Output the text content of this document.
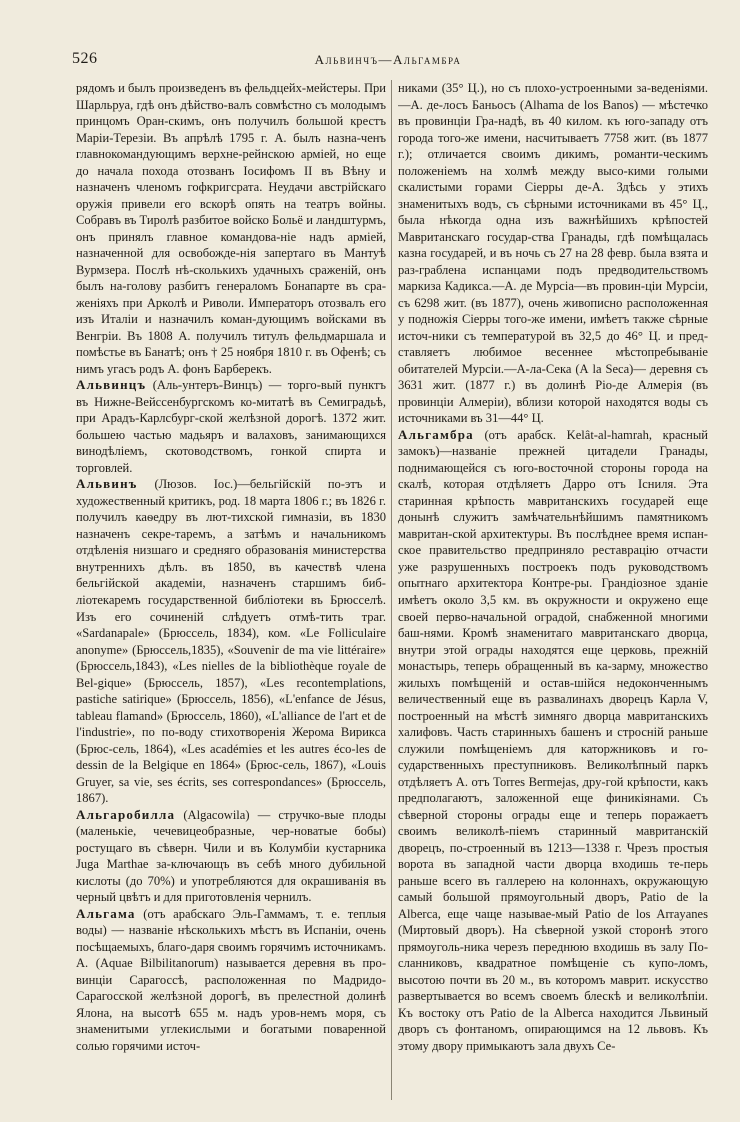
526	Альвинчъ—Альгамбра

рядомъ и былъ произведенъ въ фельдцейх-мейстеры. При Шарльруа, гдѣ онъ дѣйство-валъ совмѣстно съ молодымъ принцомъ Оран-скимъ, онъ получилъ большой крестъ Маріи-Терезіи. Въ апрѣлѣ 1795 г. А. былъ назна-ченъ главнокомандующимъ верхне-рейнскою арміей, но еще до начала похода отозванъ Іосифомъ II въ Вѣну и назначенъ членомъ гофкригсрата. Неудачи австрійскаго оружія привели его вскорѣ опять на театръ войны. Собравъ въ Тиролѣ разбитое войско Больё и ландштурмъ, онъ принялъ главное командова-ніе надъ арміей, назначенной для освобожде-нія запертаго въ Мантуѣ Вурмзера. Послѣ нѣ-сколькихъ удачныхъ сраженій, онъ былъ на-голову разбитъ генераломъ Бонапарте въ сра-женіяхъ при Арколѣ и Риволи. Императоръ отозвалъ его изъ Италіи и назначилъ коман-дующимъ войсками въ Венгріи. Въ 1808 А. получилъ титулъ фельдмаршала и помѣстье въ Банатѣ; онъ † 25 ноября 1810 г. въ Офенѣ; съ нимъ угасъ родъ А. фонъ Барберекъ.

Альвинцъ (Аль-унтеръ-Винцъ) — торго-вый пунктъ въ Нижне-Вейссенбургскомъ ко-митатѣ въ Семиградьѣ, при Арадъ-Карлсбург-ской желѣзной дорогѣ. 1372 жит. большею частью мадьяръ и валаховъ, занимающихся винодѣліемъ, скотоводствомъ, гонкой спирта и торговлей.

Альвинъ (Люзов. Іос.)—бельгійскій по-этъ и художественный критикъ, род. 18 марта 1806 г.; въ 1826 г. получилъ каѳедру въ лют-тихской гимназіи, въ 1830 назначенъ секре-таремъ, а затѣмъ и начальникомъ отдѣленія низшаго и средняго образованія министерства внутреннихъ дѣлъ. въ 1850, въ качествѣ члена бельгійской академіи, назначенъ старшимъ биб-ліотекаремъ государственной библіотеки въ Брюсселѣ. Изъ его сочиненій слѣдуетъ отмѣ-тить траг. «Sardanapale» (Брюссель, 1834), ком. «Le Folliculaire anonyme» (Брюссель,1835), «Souvenir de ma vie littéraire» (Брюссель,1843), «Les nielles de la bibliothèque royale de Bel-gique» (Брюссель, 1857), «Les recontemplations, pastiche satirique» (Брюссель, 1856), «L'enfance de Jésus, tableau flamand» (Брюссель, 1860), «L'alliance de l'art et de l'industrie», по по-воду стихотворенія Жерома Вирикса (Брюс-сель, 1864), «Les académies et les autres éco-les de dessin de la Belgique en 1864» (Брюс-сель, 1867), «Louis Gruyer, sa vie, ses écrits, ses correspondances» (Брюссель, 1867).

Альгаробилла (Algacowila) — стручко-вые плоды (маленькіе, чечевицеобразные, чер-новатые бобы) ростущаго въ сѣверн. Чили и въ Колумбіи кустарника Juga Marthae за-ключающъ въ себѣ много дубильной кислоты (до 70%) и употребляются для окрашиванія въ черный цвѣтъ и для приготовленія чернилъ.

Альгама (отъ арабскаго Эль-Гаммамъ, т. е. теплыя воды) — названіе нѣсколькихъ мѣстъ въ Испаніи, очень посѣщаемыхъ, благо-даря своимъ горячимъ источникамъ. А. (Aquae Bilbilitanorum) называется деревня въ про-винціи Сарагоссѣ, расположенная по Мадридо-Сарагосской желѣзной дорогѣ, въ прелестной долинѣ Ялона, на высотѣ 655 м. надъ уров-немъ моря, съ знаменитыми углекислыми и богатыми поваренной солью горячими источ-

никами (35° Ц.), но съ плохо-устроенными за-веденіями.—А. де-лосъ Баньосъ (Alhama de los Banos) — мѣстечко въ провинціи Гра-надѣ, въ 40 килом. къ юго-западу отъ города того-же имени, насчитываетъ 7758 жит. (въ 1877 г.); отличается своимъ дикимъ, романти-ческимъ положеніемъ на холмѣ между высо-кими голыми скалистыми горами Сіерры де-А. Здѣсь у этихъ знаменитыхъ водъ, съ сѣрными источниками въ 45° Ц., была нѣкогда одна изъ важнѣйшихъ крѣпостей Мавританскаго государ-ства Гранады, гдѣ помѣщалась казна государей, и въ ночь съ 27 на 28 февр. была взята и раз-граблена испанцами подъ предводительствомъ маркиза Кадикса.—А. де Мурсіа—въ провин-ціи Мурсіи, съ 6298 жит. (въ 1877), очень живописно расположенная у подножія Сіерры того-же имени, имѣетъ также сѣрные источ-ники съ температурой въ 32,5 до 46° Ц. и пред-ставляетъ любимое весеннее мѣстопребываніе обитателей Мурсіи.—А-ла-Сека (А la Seca)— деревня съ 3631 жит. (1877 г.) въ долинѣ Ріо-де Алмерія (въ провинціи Алмеріи), вблизи которой находятся воды съ источниками въ 31—44° Ц.

Альгамбра (отъ арабск. Kelât-al-hamrah, красный замокъ)—названіе прежней цитадели Гранады, поднимающейся съ юго-восточной стороны города на скалѣ, которая отдѣляетъ Дарро отъ Існиля. Эта старинная крѣпость мавританскихъ государей еще донынѣ служитъ замѣчательнѣйшимъ памятникомъ мавритан-ской архитектуры. Въ послѣднее время испан-ское правительство предприняло реставрацію отчасти уже разрушенныхъ построекъ подъ руководствомъ опытнаго архитектора Контре-ры. Грандіозное зданіе имѣетъ около 3,5 км. въ окружности и окружено еще своей перво-начальной оградой, снабженной многими баш-нями. Кромѣ знаменитаго мавританскаго дворца, внутри этой ограды находятся еще церковь, прежній монастырь, теперь обращенный въ ка-зарму, множество жилыхъ помѣщеній и остав-шійся недоконченнымъ величественный еще въ развалинахъ дворецъ Карла V, построенный на мѣстѣ зимняго дворца мавританскихъ халифовъ. Часть старинныхъ башенъ и стросній раньше служили помѣщеніемъ для каторжниковъ и го-сударственныхъ преступниковъ. Великолѣпный паркъ отдѣляетъ А. отъ Torres Bermejas, дру-гой крѣпости, какъ предполагаютъ, заложенной еще финикіянами. Съ сѣверной стороны ограды еще и теперь поражаетъ своимъ великолѣ-піемъ старинный мавританскій дворецъ, по-строенный въ 1213—1338 г. Чрезъ простыя ворота въ западной части дворца входишь те-перь раньше всего въ галлерею на колоннахъ, окружающую самый большой прямоугольный дворъ, Patio de la Alberca, еще чаще называе-мый Patio de los Arrayanes (Миртовый дворъ). На сѣверной узкой сторонѣ этого прямоуголь-ника черезъ переднюю входишь въ залу По-сланниковъ, квадратное помѣщеніе съ купо-ломъ, высотою почти въ 20 м., въ которомъ маврит. искусство развертывается во всемъ своемъ блескѣ и великолѣпіи. Къ востоку отъ Patio de la Alberca находится Львиный дворъ съ фонтаномъ, опирающимся на 12 львовъ. Къ этому двору примыкаютъ зала двухъ Се-
